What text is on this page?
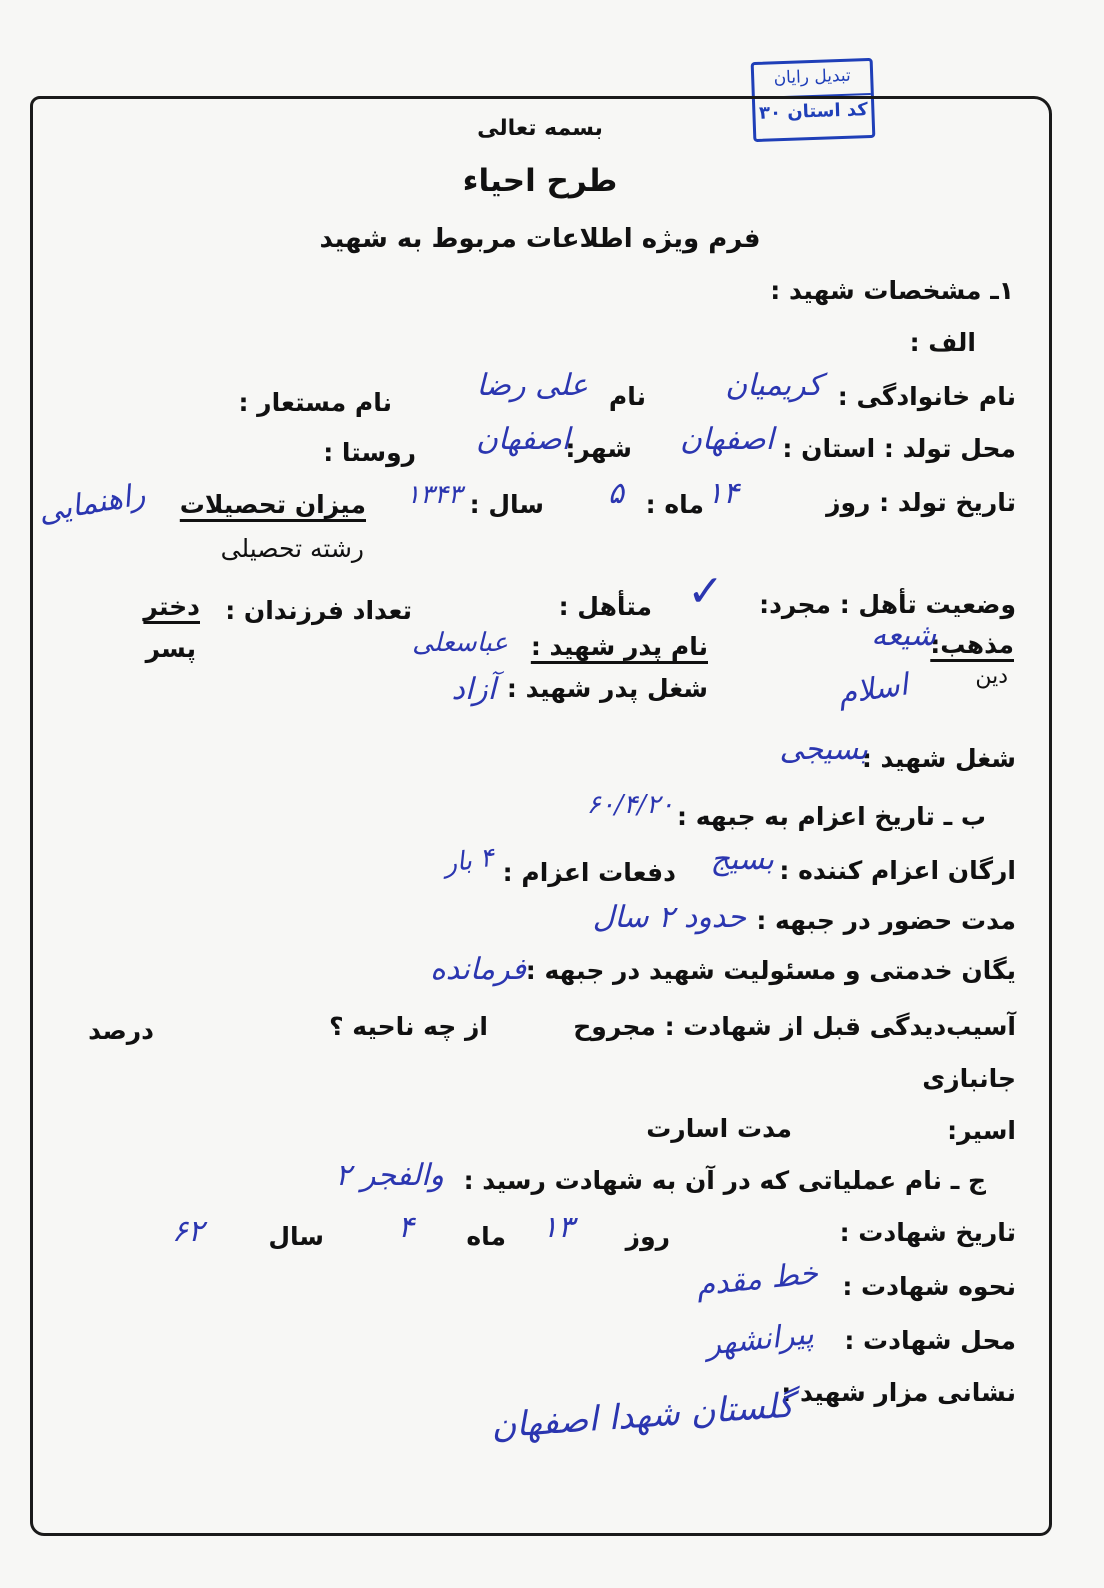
تبدیل رایان
کد استان ۳۰
بسمه تعالی
طرح احیاء
فرم ویژه اطلاعات مربوط به شهید
۱ـ مشخصات شهید :
الف :
نام خانوادگی :
کریمیان
نام
علی رضا
نام مستعار :
محل تولد : استان :
اصفهان
شهر:
اصفهان
روستا :
تاریخ تولد : روز
۱۴
ماه :
۵
سال :
۱۳۴۳
میزان تحصیلات
راهنمایی
رشته تحصیلی
وضعیت تأهل : مجرد:
✓
متأهل :
تعداد فرزندان :
دختر
پسر	مذهب:
شیعه
دین
اسلام
نام پدر شهید :
عباسعلی
شغل پدر شهید :
آزاد
شغل شهید :
بسیجی
ب ـ تاریخ اعزام به جبهه :
۶۰/۴/۲۰
ارگان اعزام کننده :
بسیج
دفعات اعزام :
۴ بار
مدت حضور در جبهه :
حدود ۲ سال
یگان خدمتی و مسئولیت شهید در جبهه :
فرمانده
آسیب‌دیدگی قبل از شهادت : مجروح
از چه ناحیه ؟
درصد
جانبازی
اسیر:
مدت اسارت
ج ـ نام عملیاتی که در آن به شهادت رسید :
والفجر ۲
تاریخ شهادت :
روز
۱۳
ماه
۴
سال
۶۲
نحوه شهادت :
خط مقدم
محل شهادت :
پیرانشهر
نشانی مزار شهید :
گلستان شهدا اصفهان
